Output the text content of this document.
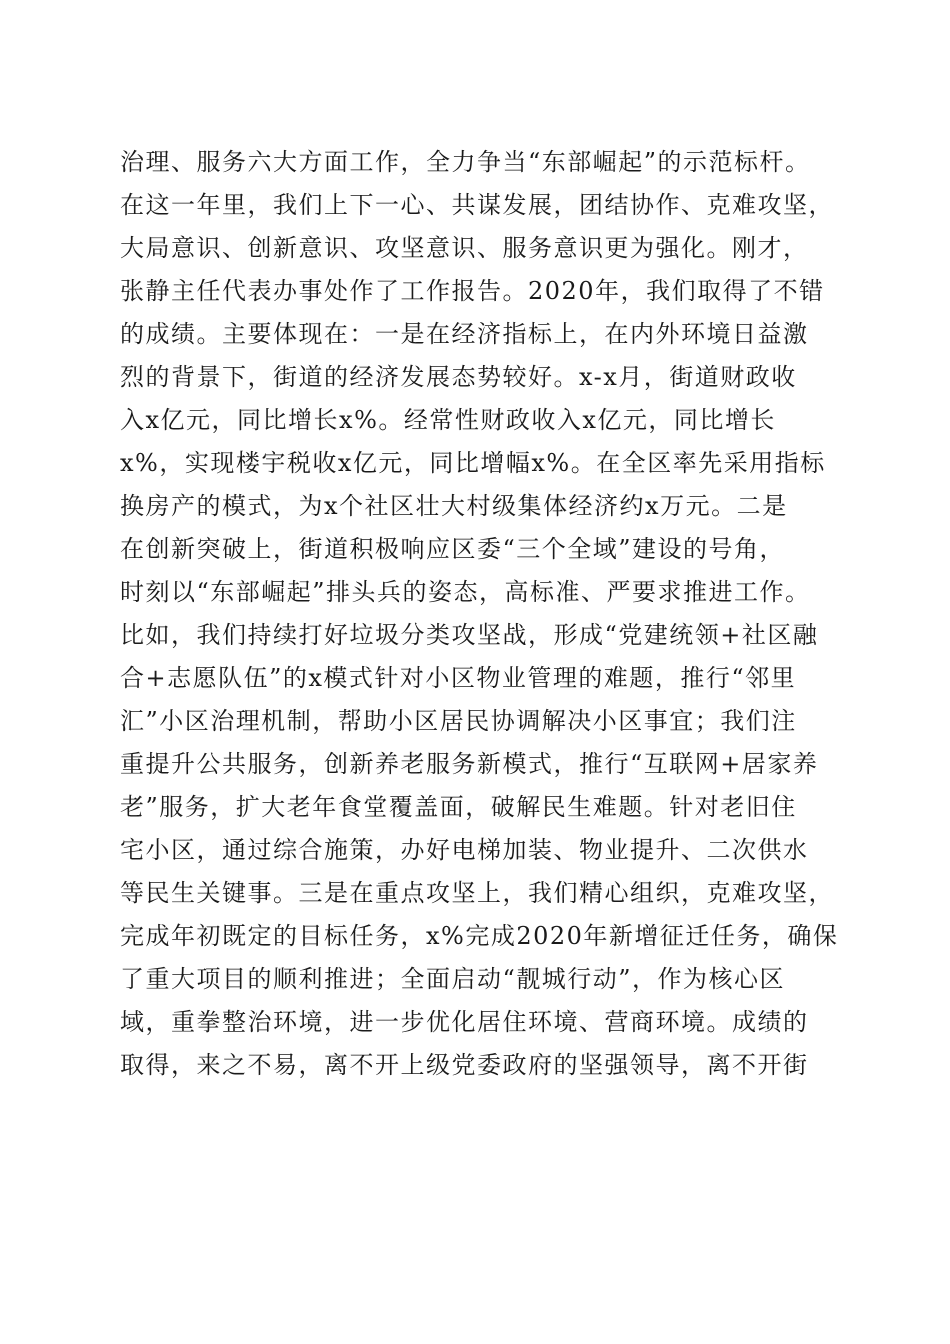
治理、服务六大方面工作，全力争当“东部崛起”的示范标杆。
在这一年里，我们上下一心、共谋发展，团结协作、克难攻坚，
大局意识、创新意识、攻坚意识、服务意识更为强化。刚才，
张静主任代表办事处作了工作报告。2020年，我们取得了不错
的成绩。主要体现在：一是在经济指标上，在内外环境日益激
烈的背景下，街道的经济发展态势较好。x-x月，街道财政收
入x亿元，同比增长x%。经常性财政收入x亿元，同比增长
x%，实现楼宇税收x亿元，同比增幅x%。在全区率先采用指标
换房产的模式，为x个社区壮大村级集体经济约x万元。二是
在创新突破上，街道积极响应区委“三个全域”建设的号角，
时刻以“东部崛起”排头兵的姿态，高标准、严要求推进工作。
比如，我们持续打好垃圾分类攻坚战，形成“党建统领+社区融
合+志愿队伍”的x模式针对小区物业管理的难题，推行“邻里
汇”小区治理机制，帮助小区居民协调解决小区事宜；我们注
重提升公共服务，创新养老服务新模式，推行“互联网+居家养
老”服务，扩大老年食堂覆盖面，破解民生难题。针对老旧住
宅小区，通过综合施策，办好电梯加装、物业提升、二次供水
等民生关键事。三是在重点攻坚上，我们精心组织，克难攻坚，
完成年初既定的目标任务，x%完成2020年新增征迁任务，确保
了重大项目的顺利推进；全面启动“靓城行动”，作为核心区
域，重拳整治环境，进一步优化居住环境、营商环境。成绩的
取得，来之不易，离不开上级党委政府的坚强领导，离不开街
